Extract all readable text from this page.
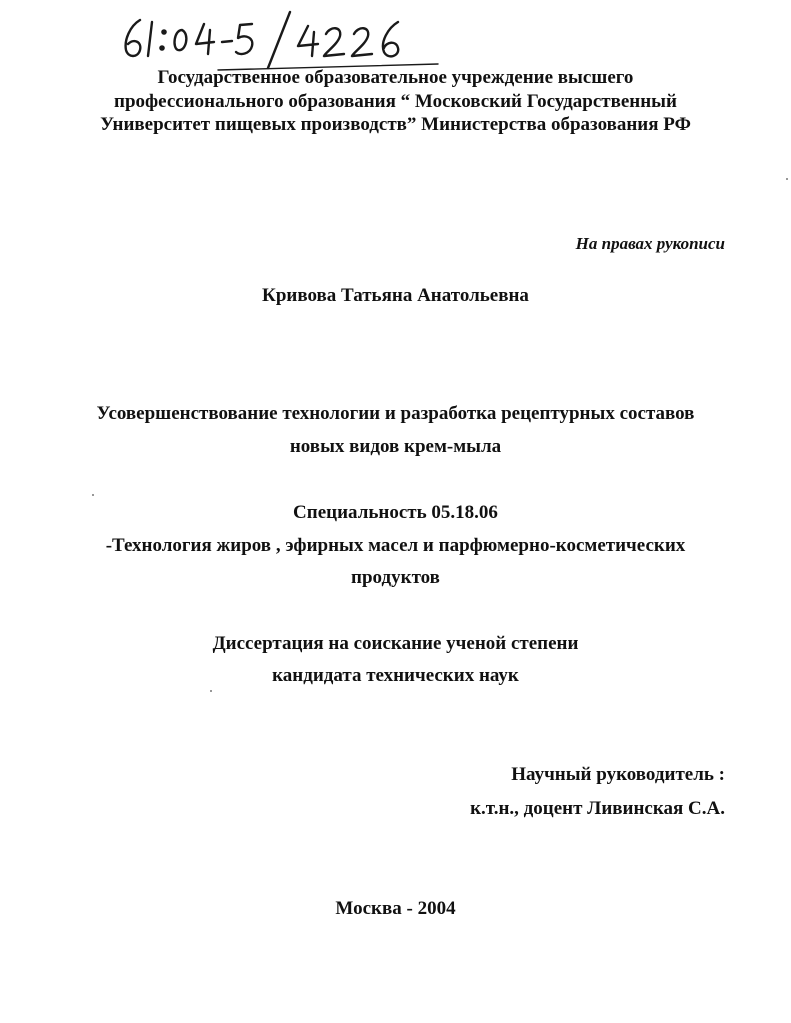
Государственное образовательное учреждение высшего
профессионального образования “ Московский Государственный
Университет пищевых производств” Министерства образования РФ
На правах рукописи
Кривова Татьяна Анатольевна
Усовершенствование технологии и разработка рецептурных составов
новых видов крем-мыла
Специальность 05.18.06
-Технология жиров , эфирных масел и парфюмерно-косметических
продуктов
Диссертация на соискание ученой степени
кандидата технических наук
Научный руководитель :
к.т.н., доцент Ливинская С.А.
Москва - 2004
